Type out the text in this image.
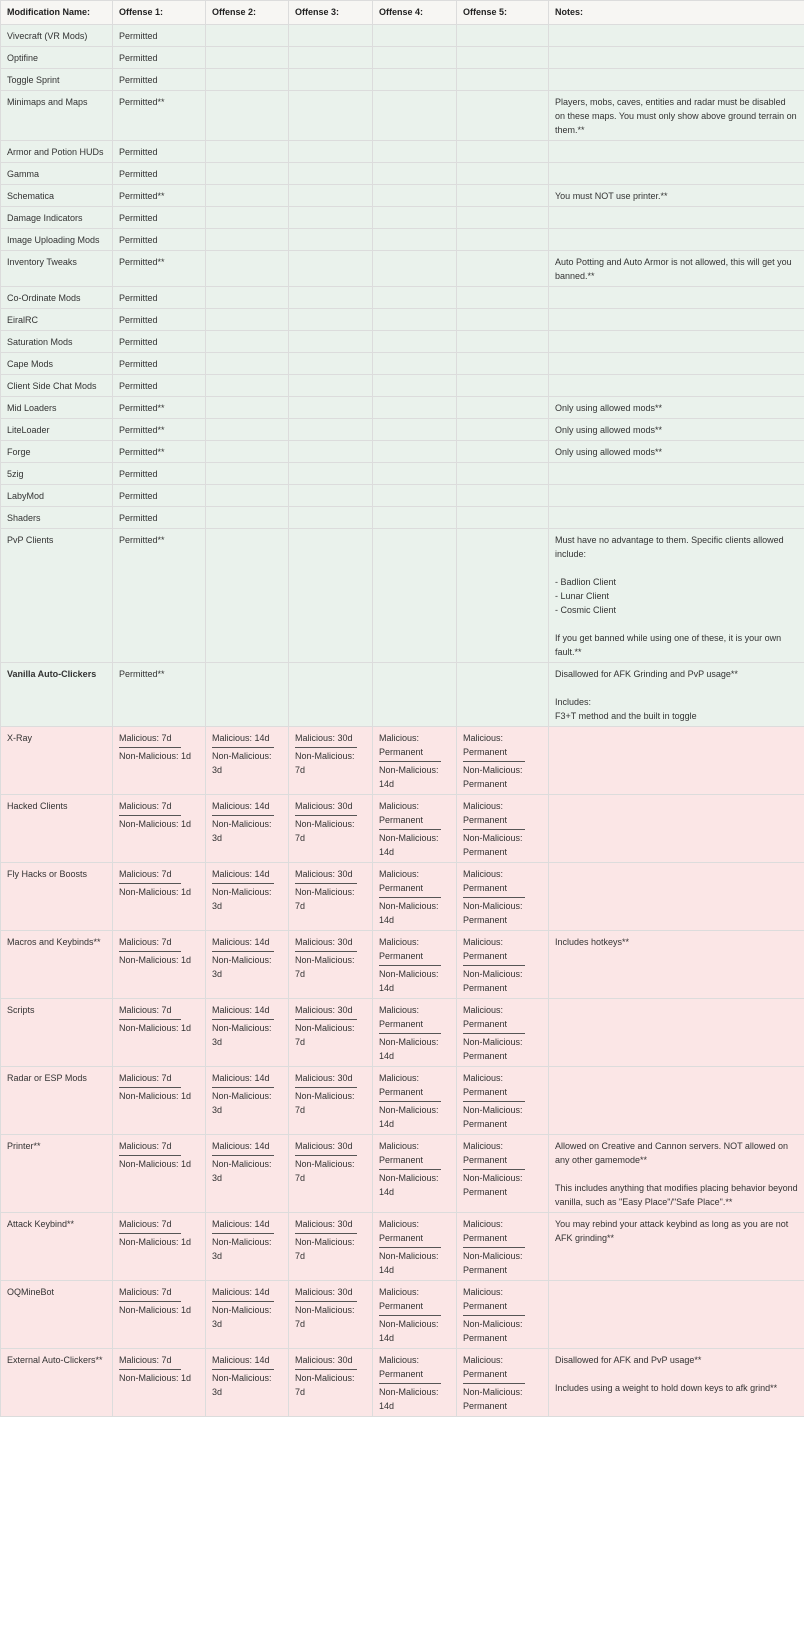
Modification Name:	Offense 1:	Offense 2:	Offense 3:	Offense 4:	Offense 5:	Notes:
Vivecraft (VR Mods)	Permitted					
Optifine	Permitted					
Toggle Sprint	Permitted					
Minimaps and Maps	Permitted**					Players, mobs, caves, entities and radar must be disabled on these maps. You must only show above ground terrain on them.**

Armor and Potion HUDs	Permitted					
Gamma	Permitted					
Schematica	Permitted**					You must NOT use printer.**

Damage Indicators	Permitted					
Image Uploading Mods	Permitted					
Inventory Tweaks	Permitted**					Auto Potting and Auto Armor is not allowed, this will get you banned.**

Co-Ordinate Mods	Permitted					
EiralRC	Permitted					
Saturation Mods	Permitted					
Cape Mods	Permitted					
Client Side Chat Mods	Permitted					
Mid Loaders	Permitted**					Only using allowed mods**

LiteLoader	Permitted**					Only using allowed mods**

Forge	Permitted**					Only using allowed mods**

5zig	Permitted					
LabyMod	Permitted					
Shaders	Permitted					
PvP Clients	Permitted**					Must have no advantage to them. Specific clients allowed include:
- Badlion Client
- Lunar Client
- Cosmic Client
If you get banned while using one of these, it is your own fault.**

Vanilla Auto-Clickers	Permitted**					Disallowed for AFK Grinding and PvP usage**
Includes:
F3+T method and the built in toggle

X-Ray	Malicious: 7d
Non-Malicious: 1d	Malicious: 14d
Non-Malicious: 3d	Malicious: 30d
Non-Malicious: 7d	Malicious: Permanent
Non-Malicious: 14d	Malicious: Permanent
Non-Malicious: Permanent	

Hacked Clients	Malicious: 7d
Non-Malicious: 1d	Malicious: 14d
Non-Malicious: 3d	Malicious: 30d
Non-Malicious: 7d	Malicious: Permanent
Non-Malicious: 14d	Malicious: Permanent
Non-Malicious: Permanent	

Fly Hacks or Boosts	Malicious: 7d
Non-Malicious: 1d	Malicious: 14d
Non-Malicious: 3d	Malicious: 30d
Non-Malicious: 7d	Malicious: Permanent
Non-Malicious: 14d	Malicious: Permanent
Non-Malicious: Permanent	

Macros and Keybinds**	Malicious: 7d
Non-Malicious: 1d	Malicious: 14d
Non-Malicious: 3d	Malicious: 30d
Non-Malicious: 7d	Malicious: Permanent
Non-Malicious: 14d	Malicious: Permanent
Non-Malicious: Permanent	Includes hotkeys**

Scripts	Malicious: 7d
Non-Malicious: 1d	Malicious: 14d
Non-Malicious: 3d	Malicious: 30d
Non-Malicious: 7d	Malicious: Permanent
Non-Malicious: 14d	Malicious: Permanent
Non-Malicious: Permanent	

Radar or ESP Mods	Malicious: 7d
Non-Malicious: 1d	Malicious: 14d
Non-Malicious: 3d	Malicious: 30d
Non-Malicious: 7d	Malicious: Permanent
Non-Malicious: 14d	Malicious: Permanent
Non-Malicious: Permanent	

Printer**	Malicious: 7d
Non-Malicious: 1d	Malicious: 14d
Non-Malicious: 3d	Malicious: 30d
Non-Malicious: 7d	Malicious: Permanent
Non-Malicious: 14d	Malicious: Permanent
Non-Malicious: Permanent	Allowed on Creative and Cannon servers. NOT allowed on any other gamemode**
This includes anything that modifies placing behavior beyond vanilla, such as "Easy Place"/"Safe Place".**

Attack Keybind**	Malicious: 7d
Non-Malicious: 1d	Malicious: 14d
Non-Malicious: 3d	Malicious: 30d
Non-Malicious: 7d	Malicious: Permanent
Non-Malicious: 14d	Malicious: Permanent
Non-Malicious: Permanent	You may rebind your attack keybind as long as you are not AFK grinding**

OQMineBot	Malicious: 7d
Non-Malicious: 1d	Malicious: 14d
Non-Malicious: 3d	Malicious: 30d
Non-Malicious: 7d	Malicious: Permanent
Non-Malicious: 14d	Malicious: Permanent
Non-Malicious: Permanent	

External Auto-Clickers**	Malicious: 7d
Non-Malicious: 1d	Malicious: 14d
Non-Malicious: 3d	Malicious: 30d
Non-Malicious: 7d	Malicious: Permanent
Non-Malicious: 14d	Malicious: Permanent
Non-Malicious: Permanent	Disallowed for AFK and PvP usage**
Includes using a weight to hold down keys to afk grind**
